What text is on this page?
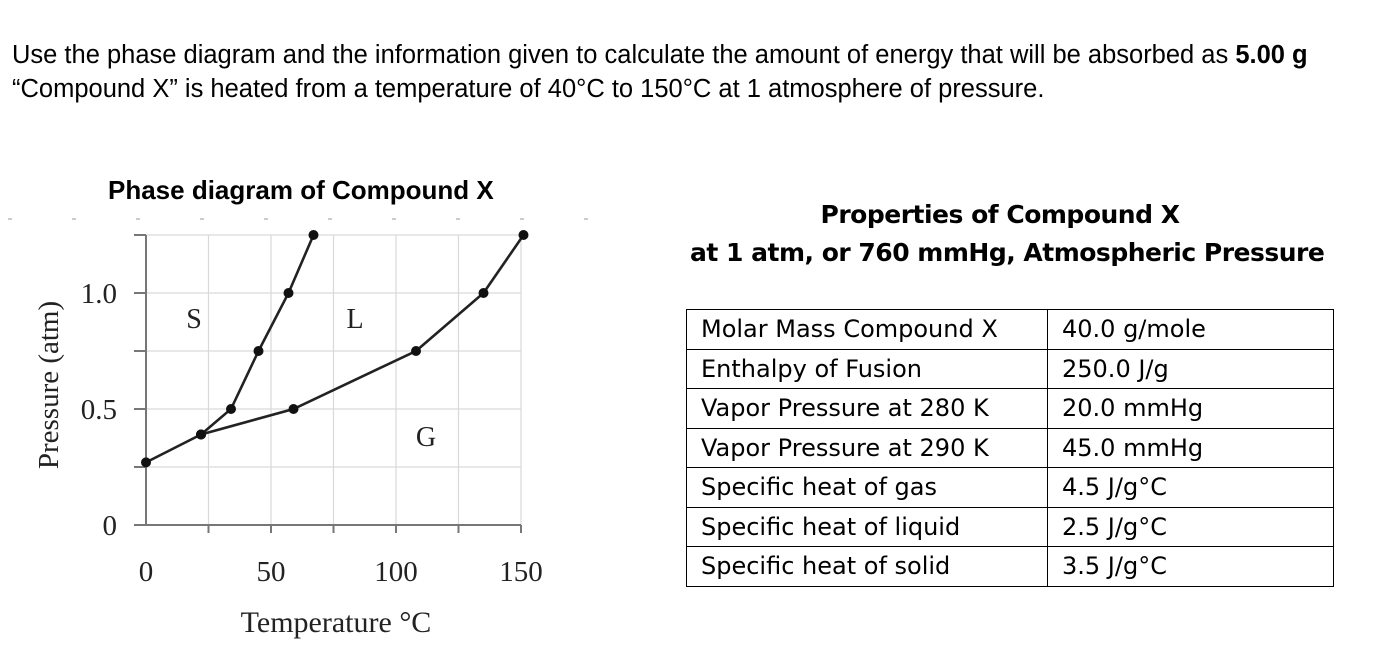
Use the phase diagram and the information given to calculate the amount of energy that will be absorbed as 5.00 g “Compound X” is heated from a temperature of 40°C to 150°C at 1 atmosphere of pressure.

Phase diagram of Compound X
0	50	100	150
0
0.5
1.0
Temperature °C
Pressure (atm)	S	L
G
Properties of Compound X
at 1 atm, or 760 mmHg, Atmospheric Pressure
Molar Mass Compound X	40.0 g/mole
Enthalpy of Fusion	250.0 J/g
Vapor Pressure at 280 K	20.0 mmHg
Vapor Pressure at 290 K	45.0 mmHg
Specific heat of gas	4.5 J/g°C
Specific heat of liquid	2.5 J/g°C
Specific heat of solid	3.5 J/g°C
